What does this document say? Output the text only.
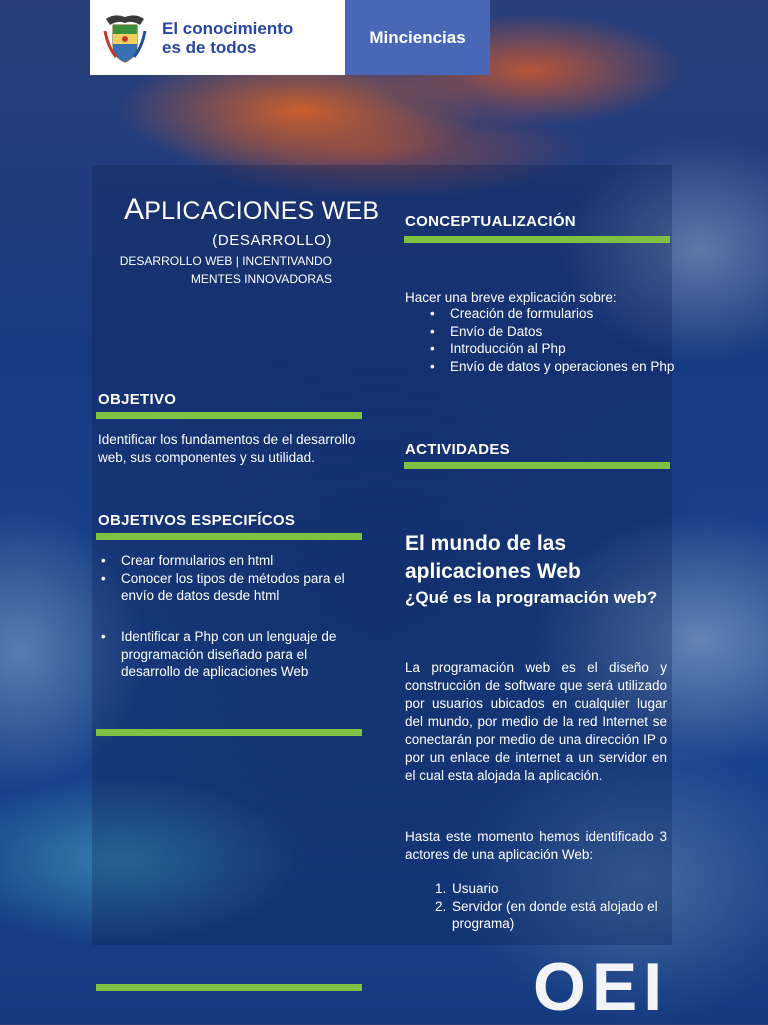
El conocimiento
es de todos
Minciencias
APLICACIONES WEB
(DESARROLLO)
DESARROLLO WEB | INCENTIVANDO
MENTES INNOVADORAS
OBJETIVO
Identificar los fundamentos de el desarrollo web, sus componentes y su utilidad.
OBJETIVOS ESPECIFÍCOS
• Crear formularios en html
• Conocer los tipos de métodos para el envío de datos desde html
• Identificar a Php con un lenguaje de programación diseñado para el desarrollo de aplicaciones Web
CONCEPTUALIZACIÓN
Hacer una breve explicación sobre:
• Creación de formularios
• Envío de Datos
• Introducción al Php
• Envío de datos y operaciones en Php
ACTIVIDADES
El mundo de las
aplicaciones Web
¿Qué es la programación web?
La programación web es el diseño y construcción de software que será utilizado por usuarios ubicados en cualquier lugar del mundo, por medio de la red Internet se conectarán por medio de una dirección IP o por un enlace de internet a un servidor en el cual esta alojada la aplicación.
Hasta este momento hemos identificado 3 actores de una aplicación Web:
1. Usuario
2. Servidor (en donde está alojado el programa)
OEI
